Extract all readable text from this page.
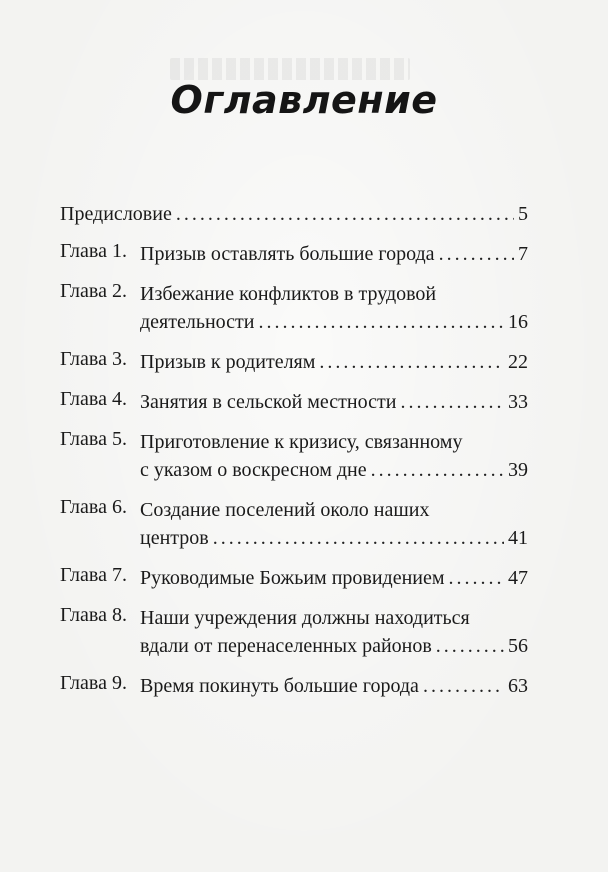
Оглавление
Предисловие .....	5
Глава 1. Призыв оставлять большие города .....	7
Глава 2. Избежание конфликтов в трудовой
деятельности .....	16
Глава 3. Призыв к родителям .....	22
Глава 4. Занятия в сельской местности .....	33
Глава 5. Приготовление к кризису, связанному
с указом о воскресном дне .....	39
Глава 6. Создание поселений около наших
центров .....	41
Глава 7. Руководимые Божьим провидением .....	47
Глава 8. Наши учреждения должны находиться
вдали от перенаселенных районов .....	56
Глава 9. Время покинуть большие города .....	63
